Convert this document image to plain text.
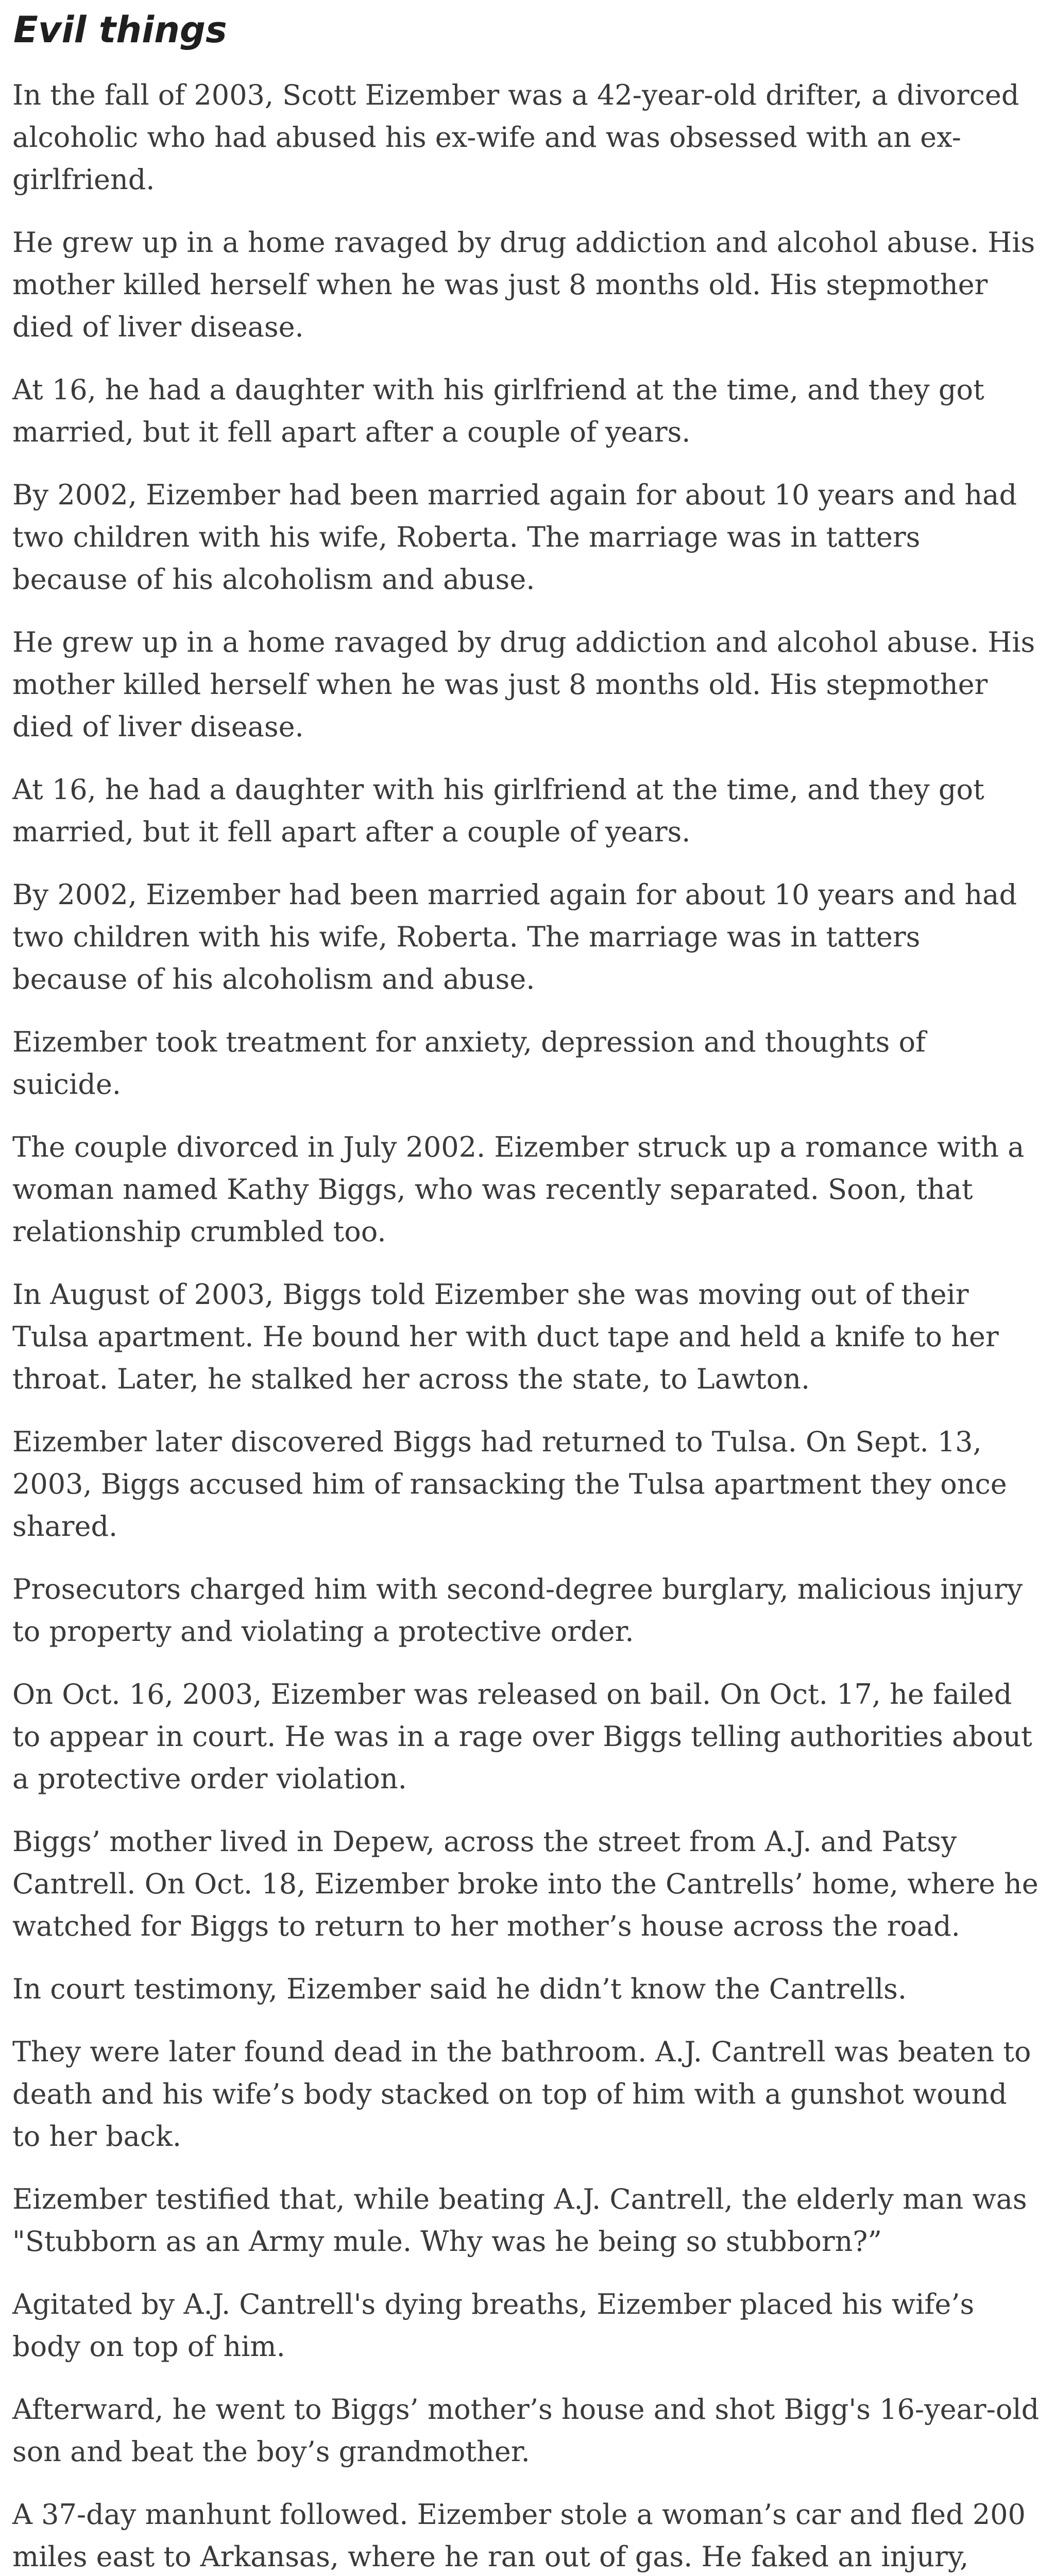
Evil things

In the fall of 2003, Scott Eizember was a 42-year-old drifter, a divorced alcoholic who had abused his ex-wife and was obsessed with an ex-girlfriend.

He grew up in a home ravaged by drug addiction and alcohol abuse. His mother killed herself when he was just 8 months old. His stepmother died of liver disease.

At 16, he had a daughter with his girlfriend at the time, and they got married, but it fell apart after a couple of years.

By 2002, Eizember had been married again for about 10 years and had two children with his wife, Roberta. The marriage was in tatters because of his alcoholism and abuse.

He grew up in a home ravaged by drug addiction and alcohol abuse. His mother killed herself when he was just 8 months old. His stepmother died of liver disease.

At 16, he had a daughter with his girlfriend at the time, and they got married, but it fell apart after a couple of years.

By 2002, Eizember had been married again for about 10 years and had two children with his wife, Roberta. The marriage was in tatters because of his alcoholism and abuse.

Eizember took treatment for anxiety, depression and thoughts of suicide.

The couple divorced in July 2002. Eizember struck up a romance with a woman named Kathy Biggs, who was recently separated. Soon, that relationship crumbled too.

In August of 2003, Biggs told Eizember she was moving out of their Tulsa apartment. He bound her with duct tape and held a knife to her throat. Later, he stalked her across the state, to Lawton.

Eizember later discovered Biggs had returned to Tulsa. On Sept. 13, 2003, Biggs accused him of ransacking the Tulsa apartment they once shared.

Prosecutors charged him with second-degree burglary, malicious injury to property and violating a protective order.

On Oct. 16, 2003, Eizember was released on bail. On Oct. 17, he failed to appear in court. He was in a rage over Biggs telling authorities about a protective order violation.

Biggs’ mother lived in Depew, across the street from A.J. and Patsy Cantrell. On Oct. 18, Eizember broke into the Cantrells’ home, where he watched for Biggs to return to her mother’s house across the road.

In court testimony, Eizember said he didn’t know the Cantrells.

They were later found dead in the bathroom. A.J. Cantrell was beaten to death and his wife’s body stacked on top of him with a gunshot wound to her back.

Eizember testified that, while beating A.J. Cantrell, the elderly man was "Stubborn as an Army mule. Why was he being so stubborn?”

Agitated by A.J. Cantrell's dying breaths, Eizember placed his wife’s body on top of him.

Afterward, he went to Biggs’ mother’s house and shot Bigg's 16-year-old son and beat the boy’s grandmother.

A 37-day manhunt followed. Eizember stole a woman’s car and fled 200 miles east to Arkansas, where he ran out of gas. He faked an injury,
